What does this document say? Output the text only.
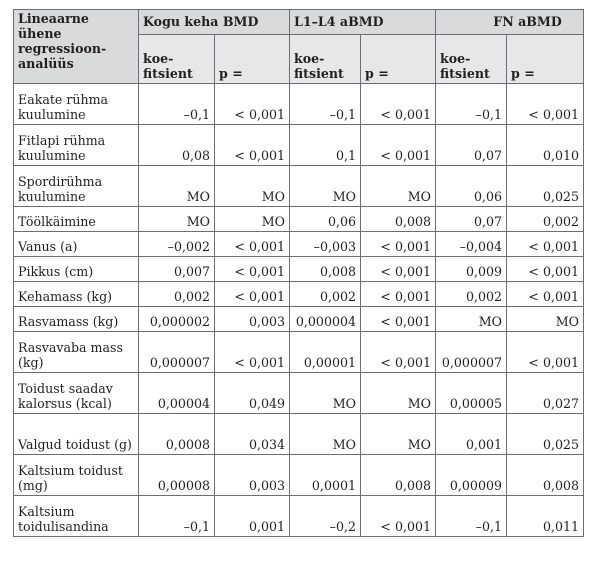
Lineaarne ühene regressioon-analüüs	Kogu keha BMD		L1–L4 aBMD		FN aBMD	

	koe-fitsient	p =	koe-fitsient	p =	koe-fitsient	p =
Eakate rühma kuulumine	–0,1	< 0,001	–0,1	< 0,001	–0,1	< 0,001
Fitlapi rühma kuulumine	0,08	< 0,001	0,1	< 0,001	0,07	0,010
Spordirühma kuulumine	MO	MO	MO	MO	0,06	0,025
Töölkäimine	MO	MO	0,06	0,008	0,07	0,002
Vanus (a)	–0,002	< 0,001	–0,003	< 0,001	–0,004	< 0,001
Pikkus (cm)	0,007	< 0,001	0,008	< 0,001	0,009	< 0,001
Kehamass (kg)	0,002	< 0,001	0,002	< 0,001	0,002	< 0,001
Rasvamass (kg)	0,000002	0,003	0,000004	< 0,001	MO	MO
Rasvavaba mass (kg)	0,000007	< 0,001	0,00001	< 0,001	0,000007	< 0,001
Toidust saadav kalorsus (kcal)	0,00004	0,049	MO	MO	0,00005	0,027
Valgud toidust (g)	0,0008	0,034	MO	MO	0,001	0,025
Kaltsium toidust (mg)	0,00008	0,003	0,0001	0,008	0,00009	0,008
Kaltsium toidulisandina	–0,1	0,001	–0,2	< 0,001	–0,1	0,011
